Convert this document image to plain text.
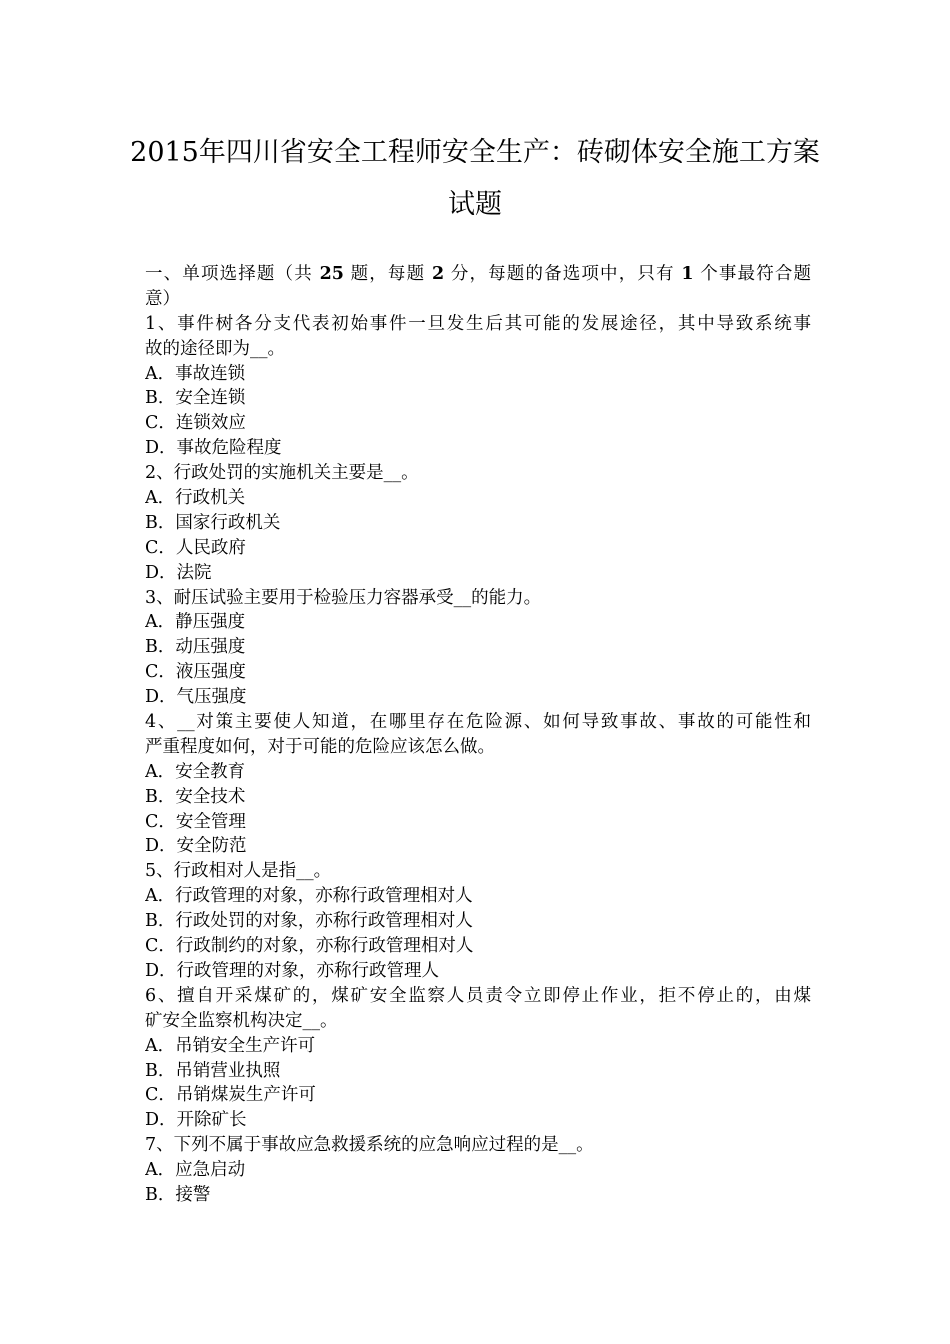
2015年四川省安全工程师安全生产：砖砌体安全施工方案
试题
一、单项选择题（共 25 题，每题 2 分，每题的备选项中，只有 1 个事最符合题
意）
1、事件树各分支代表初始事件一旦发生后其可能的发展途径，其中导致系统事
故的途径即为__。
A．事故连锁
B．安全连锁
C．连锁效应
D．事故危险程度
2、行政处罚的实施机关主要是__。
A．行政机关
B．国家行政机关
C．人民政府
D．法院
3、耐压试验主要用于检验压力容器承受__的能力。
A．静压强度
B．动压强度
C．液压强度
D．气压强度
4、__对策主要使人知道，在哪里存在危险源、如何导致事故、事故的可能性和
严重程度如何，对于可能的危险应该怎么做。
A．安全教育
B．安全技术
C．安全管理
D．安全防范
5、行政相对人是指__。
A．行政管理的对象，亦称行政管理相对人
B．行政处罚的对象，亦称行政管理相对人
C．行政制约的对象，亦称行政管理相对人
D．行政管理的对象，亦称行政管理人
6、擅自开采煤矿的，煤矿安全监察人员责令立即停止作业，拒不停止的，由煤
矿安全监察机构决定__。
A．吊销安全生产许可
B．吊销营业执照
C．吊销煤炭生产许可
D．开除矿长
7、下列不属于事故应急救援系统的应急响应过程的是__。
A．应急启动
B．接警
